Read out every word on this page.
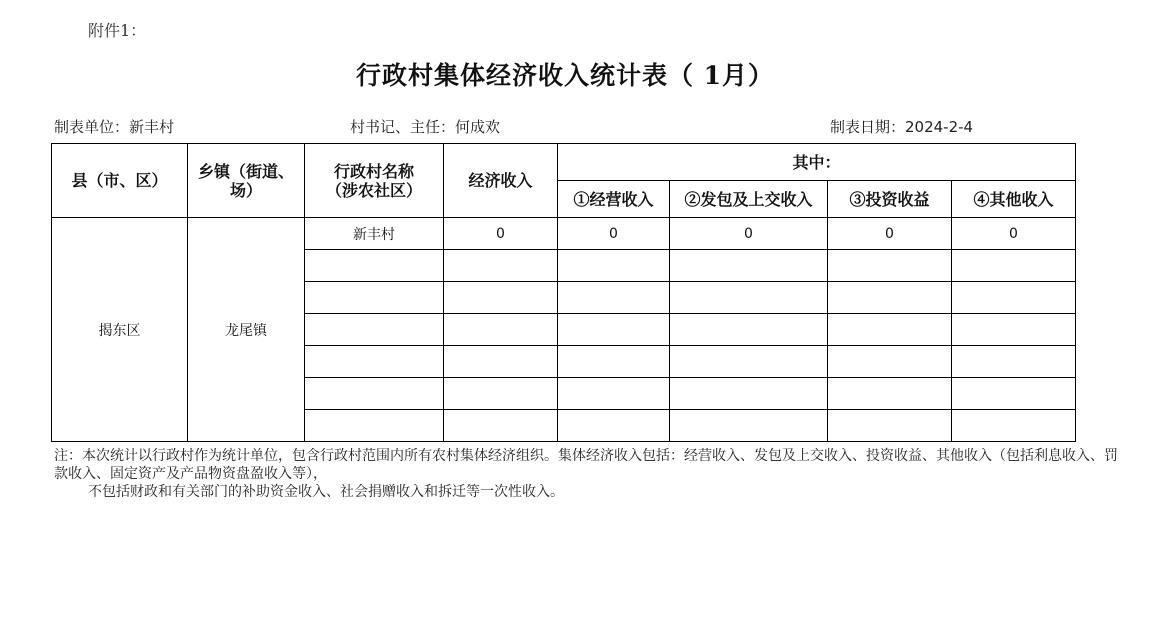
附件1：
行政村集体经济收入统计表（ 1月）
制表单位：新丰村	村书记、主任：何成欢	制表日期：2024-2-4
县（市、区）	乡镇（街道、场）	行政村名称（涉农社区）	经济收入	其中：			
				①经营收入	②发包及上交收入	③投资收益	④其他收入
揭东区	龙尾镇	新丰村	0	0	0	0	0

注：本次统计以行政村作为统计单位，包含行政村范围内所有农村集体经济组织。集体经济收入包括：经营收入、发包及上交收入、投资收益、其他收入（包括利息收入、罚款收入、固定资产及产品物资盘盈收入等），
不包括财政和有关部门的补助资金收入、社会捐赠收入和拆迁等一次性收入。
